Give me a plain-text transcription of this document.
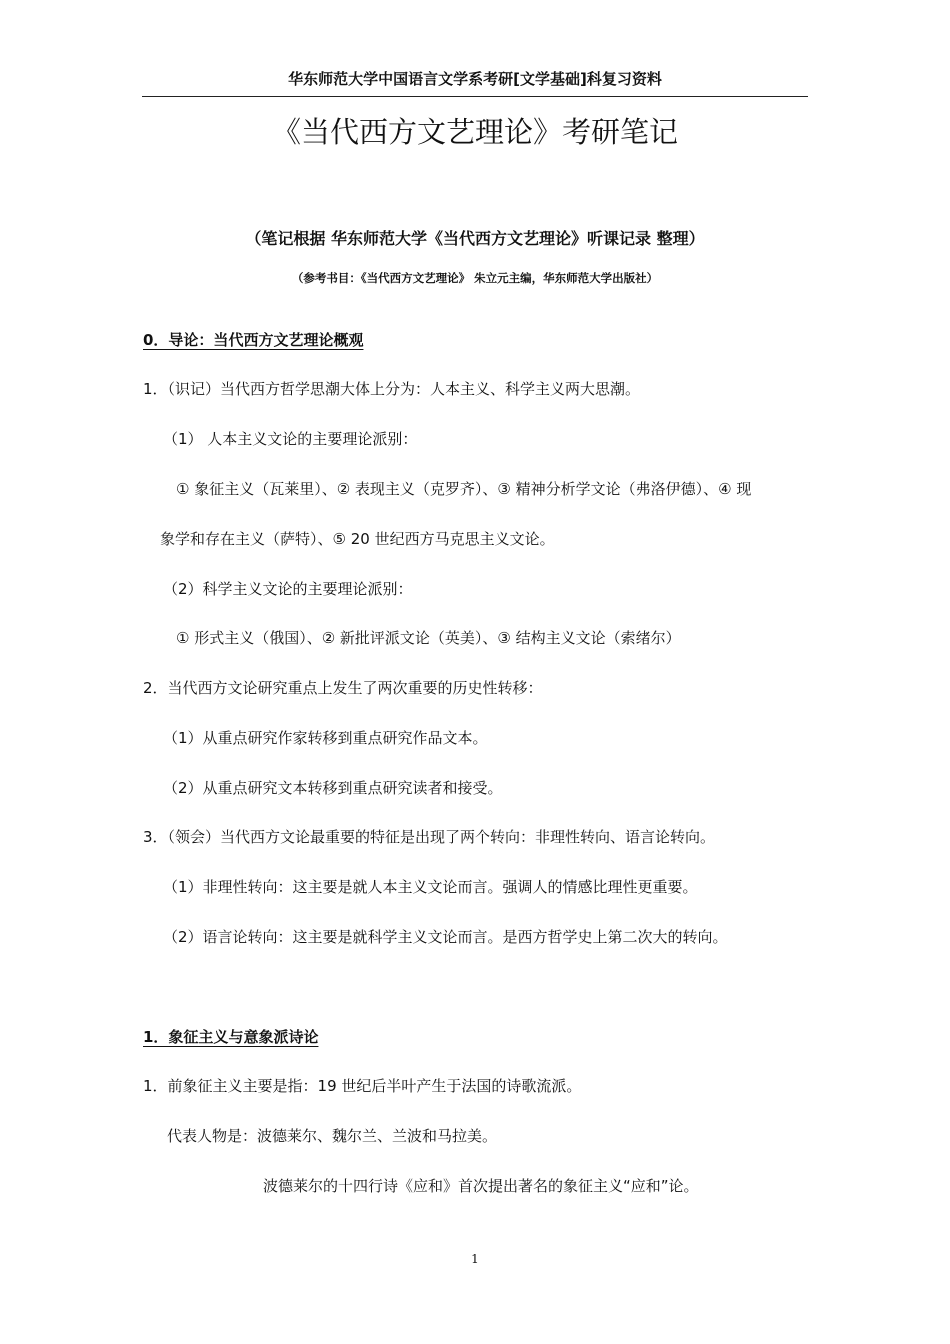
华东师范大学中国语言文学系考研[文学基础]科复习资料
《当代西方文艺理论》考研笔记
（笔记根据 华东师范大学《当代西方文艺理论》听课记录 整理）
（参考书目：《当代西方文艺理论》 朱立元主编，华东师范大学出版社）
0．导论：当代西方文艺理论概观
1．（识记）当代西方哲学思潮大体上分为：人本主义、科学主义两大思潮。
（1） 人本主义文论的主要理论派别：
① 象征主义（瓦莱里）、② 表现主义（克罗齐）、③ 精神分析学文论（弗洛伊德）、④ 现
象学和存在主义（萨特）、⑤ 20 世纪西方马克思主义文论。
（2）科学主义文论的主要理论派别：
① 形式主义（俄国）、② 新批评派文论（英美）、③ 结构主义文论（索绪尔）
2．当代西方文论研究重点上发生了两次重要的历史性转移：
（1）从重点研究作家转移到重点研究作品文本。
（2）从重点研究文本转移到重点研究读者和接受。
3．（领会）当代西方文论最重要的特征是出现了两个转向：非理性转向、语言论转向。
（1）非理性转向：这主要是就人本主义文论而言。强调人的情感比理性更重要。
（2）语言论转向：这主要是就科学主义文论而言。是西方哲学史上第二次大的转向。
1．象征主义与意象派诗论
1．前象征主义主要是指：19 世纪后半叶产生于法国的诗歌流派。
代表人物是：波德莱尔、魏尔兰、兰波和马拉美。
波德莱尔的十四行诗《应和》首次提出著名的象征主义“应和”论。
1
